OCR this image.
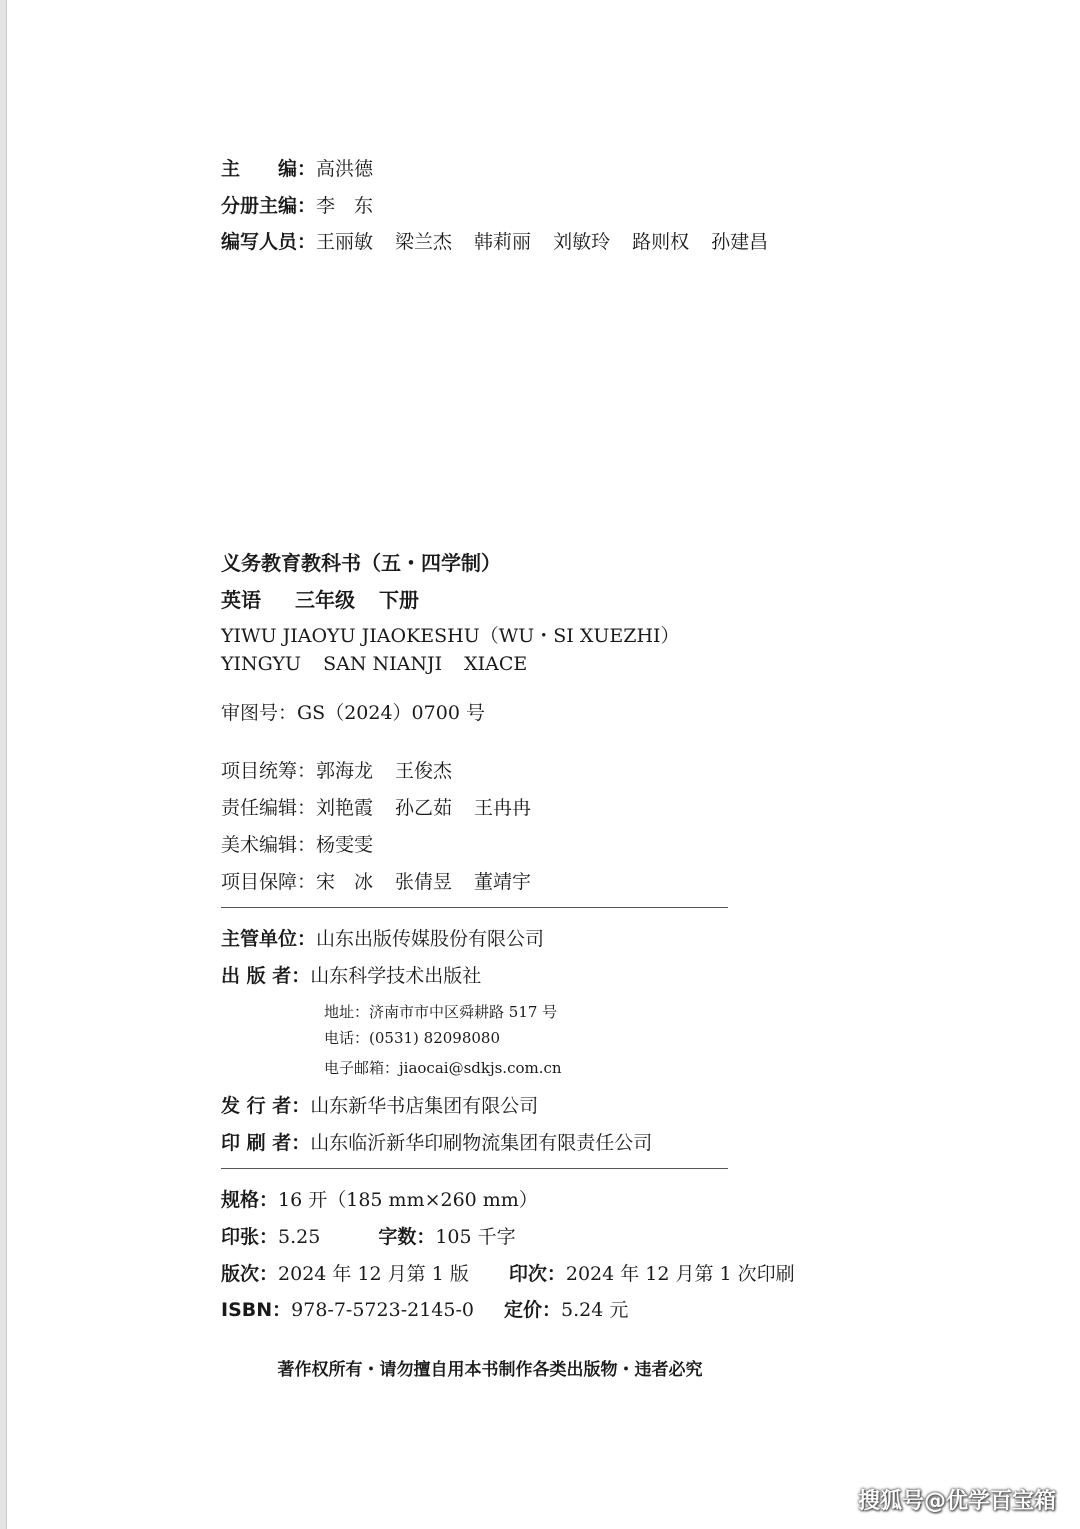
主　　编：高洪德
分册主编：李　东
编写人员：王丽敏 梁兰杰 韩莉丽 刘敏玲 路则权 孙建昌
义务教育教科书（五・四学制）
英语 三年级 下册
YIWU JIAOYU JIAOKESHU（WU・SI XUEZHI）
YINGYU SAN NIANJI XIACE
审图号：GS（2024）0700 号
项目统筹：郭海龙 王俊杰
责任编辑：刘艳霞 孙乙茹 王冉冉
美术编辑：杨雯雯
项目保障：宋　冰 张倩昱 董靖宇
主管单位：山东出版传媒股份有限公司
出 版 者：山东科学技术出版社
地址：济南市市中区舜耕路 517 号
电话：(0531) 82098080
电子邮箱：jiaocai@sdkjs.com.cn
发 行 者：山东新华书店集团有限公司
印 刷 者：山东临沂新华印刷物流集团有限责任公司
规格：16 开（185 mm×260 mm）
印张：5.25	字数：105 千字
版次：2024 年 12 月第 1 版 印次：2024 年 12 月第 1 次印刷
ISBN：978-7-5723-2145-0 定价：5.24 元
著作权所有・请勿擅自用本书制作各类出版物・违者必究
搜狐号@优学百宝箱
